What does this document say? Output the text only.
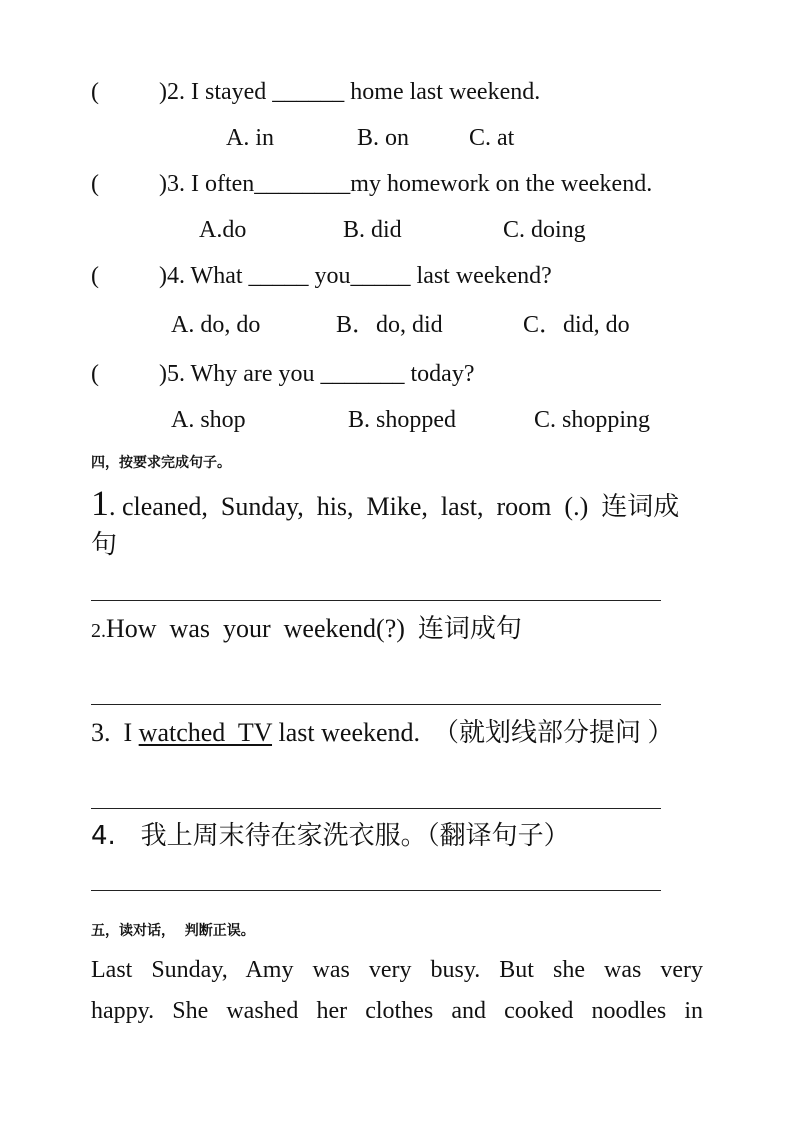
(          )2. I stayed ______ home last weekend.
A. in	B. on C. at
(          )3. I often________my homework on the weekend.
A.do	B. did	C. doing
(          )4. What _____ you_____ last weekend?
A. do, do	B．do, did	C．did, do
(          )5. Why are you _______ today?
A. shop	B. shopped	C. shopping
四，按要求完成句子。
1. cleaned,  Sunday,  his,  Mike,  last,  room  (.)  连词成
句
2.How  was  your  weekend(?)  连词成句
3.  I watched  TV last weekend.  （就划线部分提问 ）
4.   我上周末待在家洗衣服。（翻译句子）
五，读对话，  判断正误。
Last Sunday, Amy was very busy. But she was very
happy. She washed her clothes and cooked noodles in
